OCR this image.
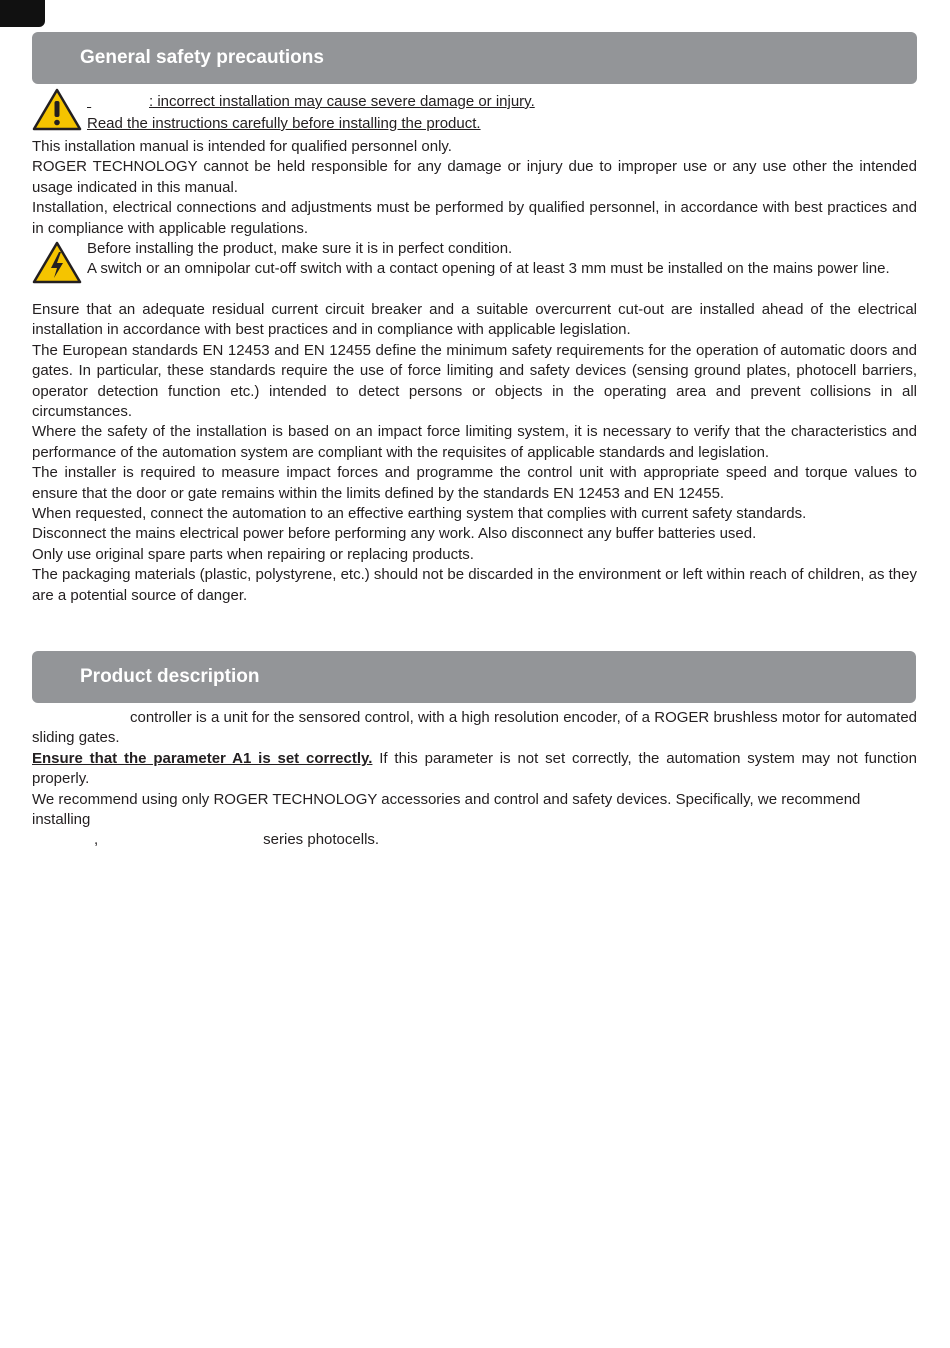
General safety precautions

: incorrect installation may cause severe damage or injury.

Read the instructions carefully before installing the product.

This installation manual is intended for qualified personnel only.

ROGER TECHNOLOGY cannot be held responsible for any damage or injury due to improper use or any use other the intended usage indicated in this manual.

Installation, electrical connections and adjustments must be performed by qualified personnel, in accordance with best practices and in compliance with applicable regulations.

Before installing the product, make sure it is in perfect condition.

A switch or an omnipolar cut-off switch with a contact opening of at least 3 mm must be installed on the mains power line.

Ensure that an adequate residual current circuit breaker and a suitable overcurrent cut-out are installed ahead of the electrical installation in accordance with best practices and in compliance with applicable legislation.

The European standards EN 12453 and EN 12455 define the minimum safety requirements for the operation of automatic doors and gates. In particular, these standards require the use of force limiting and safety devices (sensing ground plates, photocell barriers, operator detection function etc.) intended to detect persons or objects in the operating area and prevent collisions in all circumstances.

Where the safety of the installation is based on an impact force limiting system, it is necessary to verify that the characteristics and performance of the automation system are compliant with the requisites of applicable standards and legislation.

The installer is required to measure impact forces and programme the control unit with appropriate speed and torque values to ensure that the door or gate remains within the limits defined by the standards EN 12453 and EN 12455.

When requested, connect the automation to an effective earthing system that complies with current safety standards.

Disconnect the mains electrical power before performing any work. Also disconnect any buffer batteries used.

Only use original spare parts when repairing or replacing products.

The packaging materials (plastic, polystyrene, etc.) should not be discarded in the environment or left within reach of children, as they are a potential source of danger.

Product description

controller is a unit for the sensored control, with a high resolution encoder, of a ROGER brushless motor for automated sliding gates.

Ensure that the parameter A1 is set correctly. If this parameter is not set correctly, the automation system may not function properly.

We recommend using only ROGER TECHNOLOGY accessories and control and safety devices. Specifically, we recommend installing
,	series photocells.
